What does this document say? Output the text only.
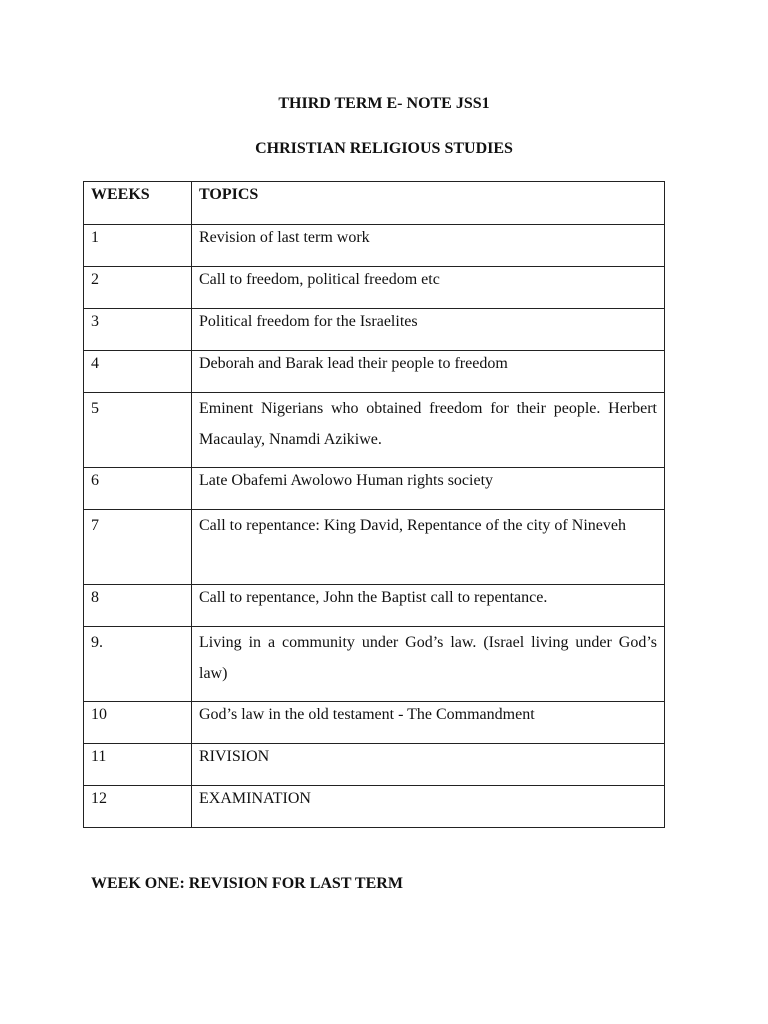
THIRD TERM E- NOTE JSS1
CHRISTIAN RELIGIOUS STUDIES
WEEKS	TOPICS
1	Revision of last term work
2	Call to freedom, political freedom etc
3	Political freedom for the Israelites
4	Deborah and Barak lead their people to freedom
5	Eminent Nigerians who obtained freedom for their people. Herbert Macaulay, Nnamdi Azikiwe.
6	Late Obafemi Awolowo Human rights society
7	Call to repentance: King David, Repentance of the city of Nineveh
8	Call to repentance, John the Baptist call to repentance.
9.	Living in a community under God’s law. (Israel living under God’s law)
10	God’s law in the old testament - The Commandment
11	RIVISION
12	EXAMINATION
WEEK ONE: REVISION FOR LAST TERM
